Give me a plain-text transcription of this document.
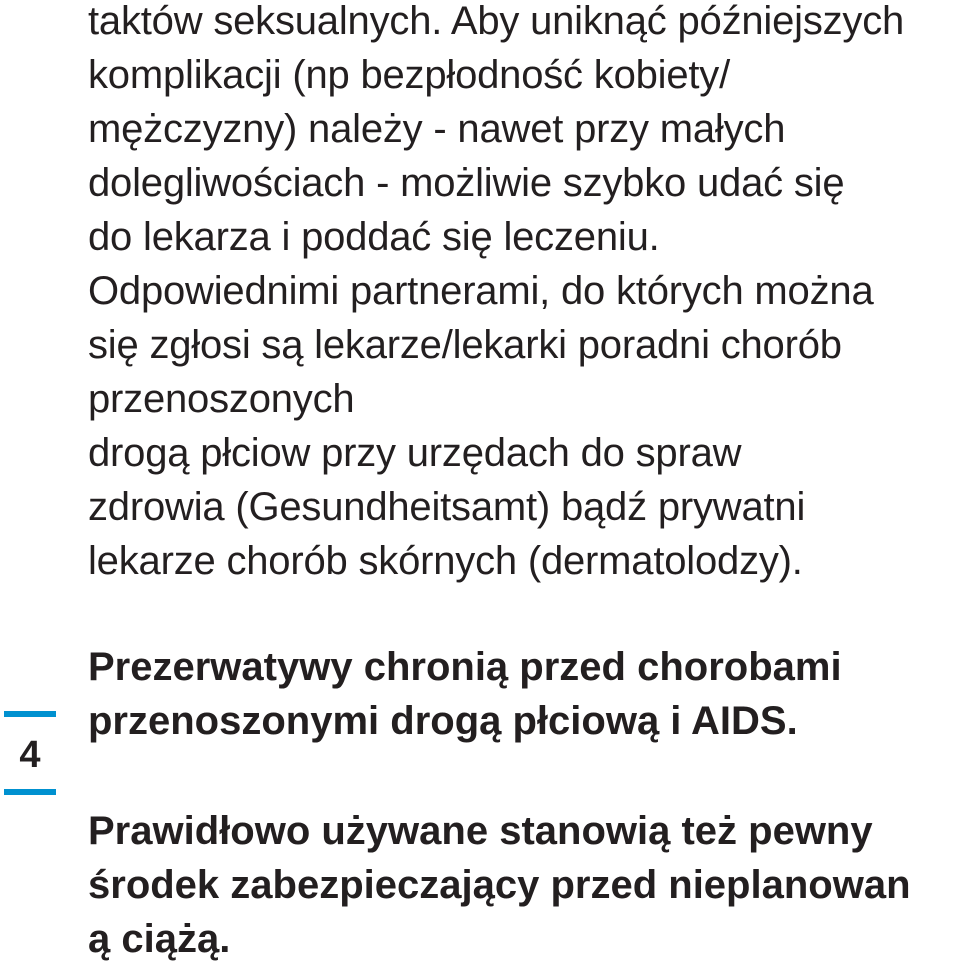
taktów seksualnych. Aby uniknąć późniejszych
komplikacji (np bezpłodność kobiety/
mężczyzny) należy - nawet przy małych
dolegliwościach - możliwie szybko udać się
do lekarza i poddać się leczeniu.
Odpowiednimi partnerami, do których można
się zgłosi są lekarze/lekarki poradni chorób
przenoszonych
drogą płciow przy urzędach do spraw
zdrowia (Gesundheitsamt) bądź prywatni
lekarze chorób skórnych (dermatolodzy).
4
Prezerwatywy chronią przed chorobami
przenoszonymi drogą płciową i AIDS.
Prawidłowo używane stanowią też pewny
środek zabezpieczający przed nieplanowan
ą ciążą.
